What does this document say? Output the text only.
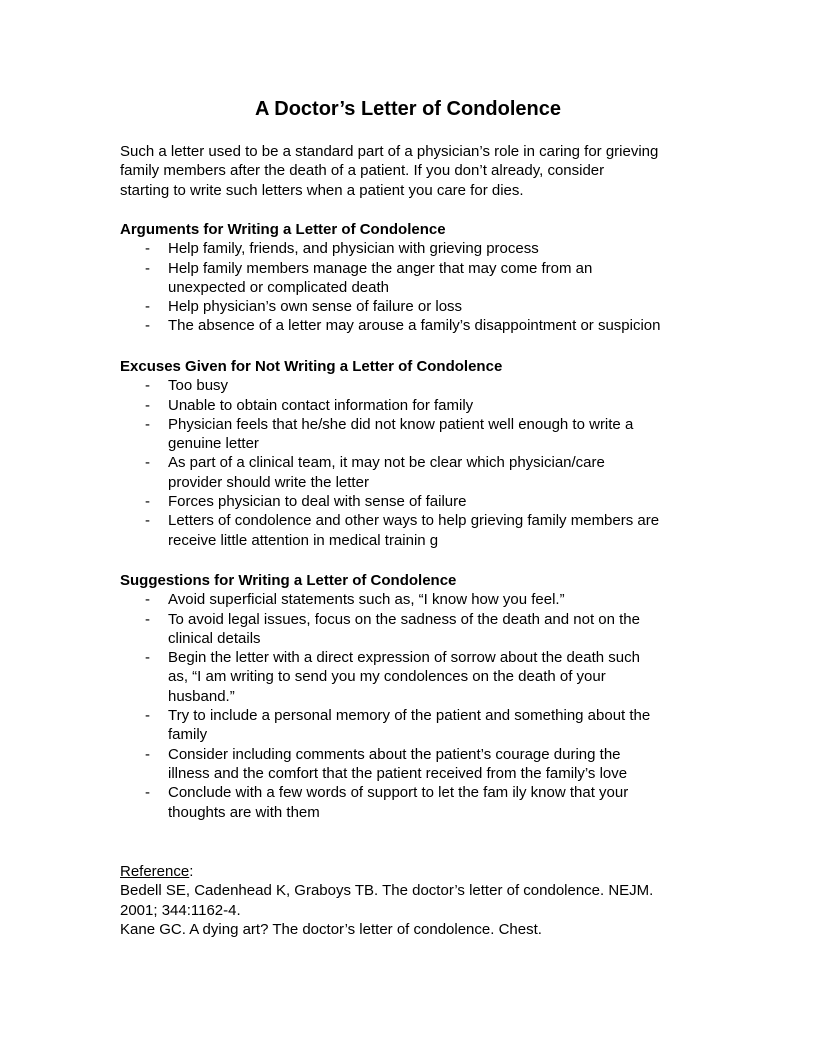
A Doctor’s Letter of Condolence
Such a letter used to be a standard part of a physician’s role in caring for grieving
family members after the death of a patient. If you don’t already, consider
starting to write such letters when a patient you care for dies.
Arguments for Writing a Letter of Condolence
- Help family, friends, and physician with grieving process
- Help family members manage the anger that may come from an
unexpected or complicated death
- Help physician’s own sense of failure or loss
- The absence of a letter may arouse a family’s disappointment or suspicion
Excuses Given for Not Writing a Letter of Condolence
- Too busy
- Unable to obtain contact information for family
- Physician feels that he/she did not know patient well enough to write a
genuine letter
- As part of a clinical team, it may not be clear which physician/care
provider should write the letter
- Forces physician to deal with sense of failure
- Letters of condolence and other ways to help grieving family members are
receive little attention in medical trainin g
Suggestions for Writing a Letter of Condolence
- Avoid superficial statements such as, “I know how you feel.”
- To avoid legal issues, focus on the sadness of the death and not on the
clinical details
- Begin the letter with a direct expression of sorrow about the death such
as, “I am writing to send you my condolences on the death of your
husband.”
- Try to include a personal memory of the patient and something about the
family
- Consider including comments about the patient’s courage during the
illness and the comfort that the patient received from the family’s love
- Conclude with a few words of support to let the fam ily know that your
thoughts are with them
Reference:
Bedell SE, Cadenhead K, Graboys TB. The doctor’s letter of condolence. NEJM.
2001; 344:1162-4.
Kane GC. A dying art? The doctor’s letter of condolence. Chest.
